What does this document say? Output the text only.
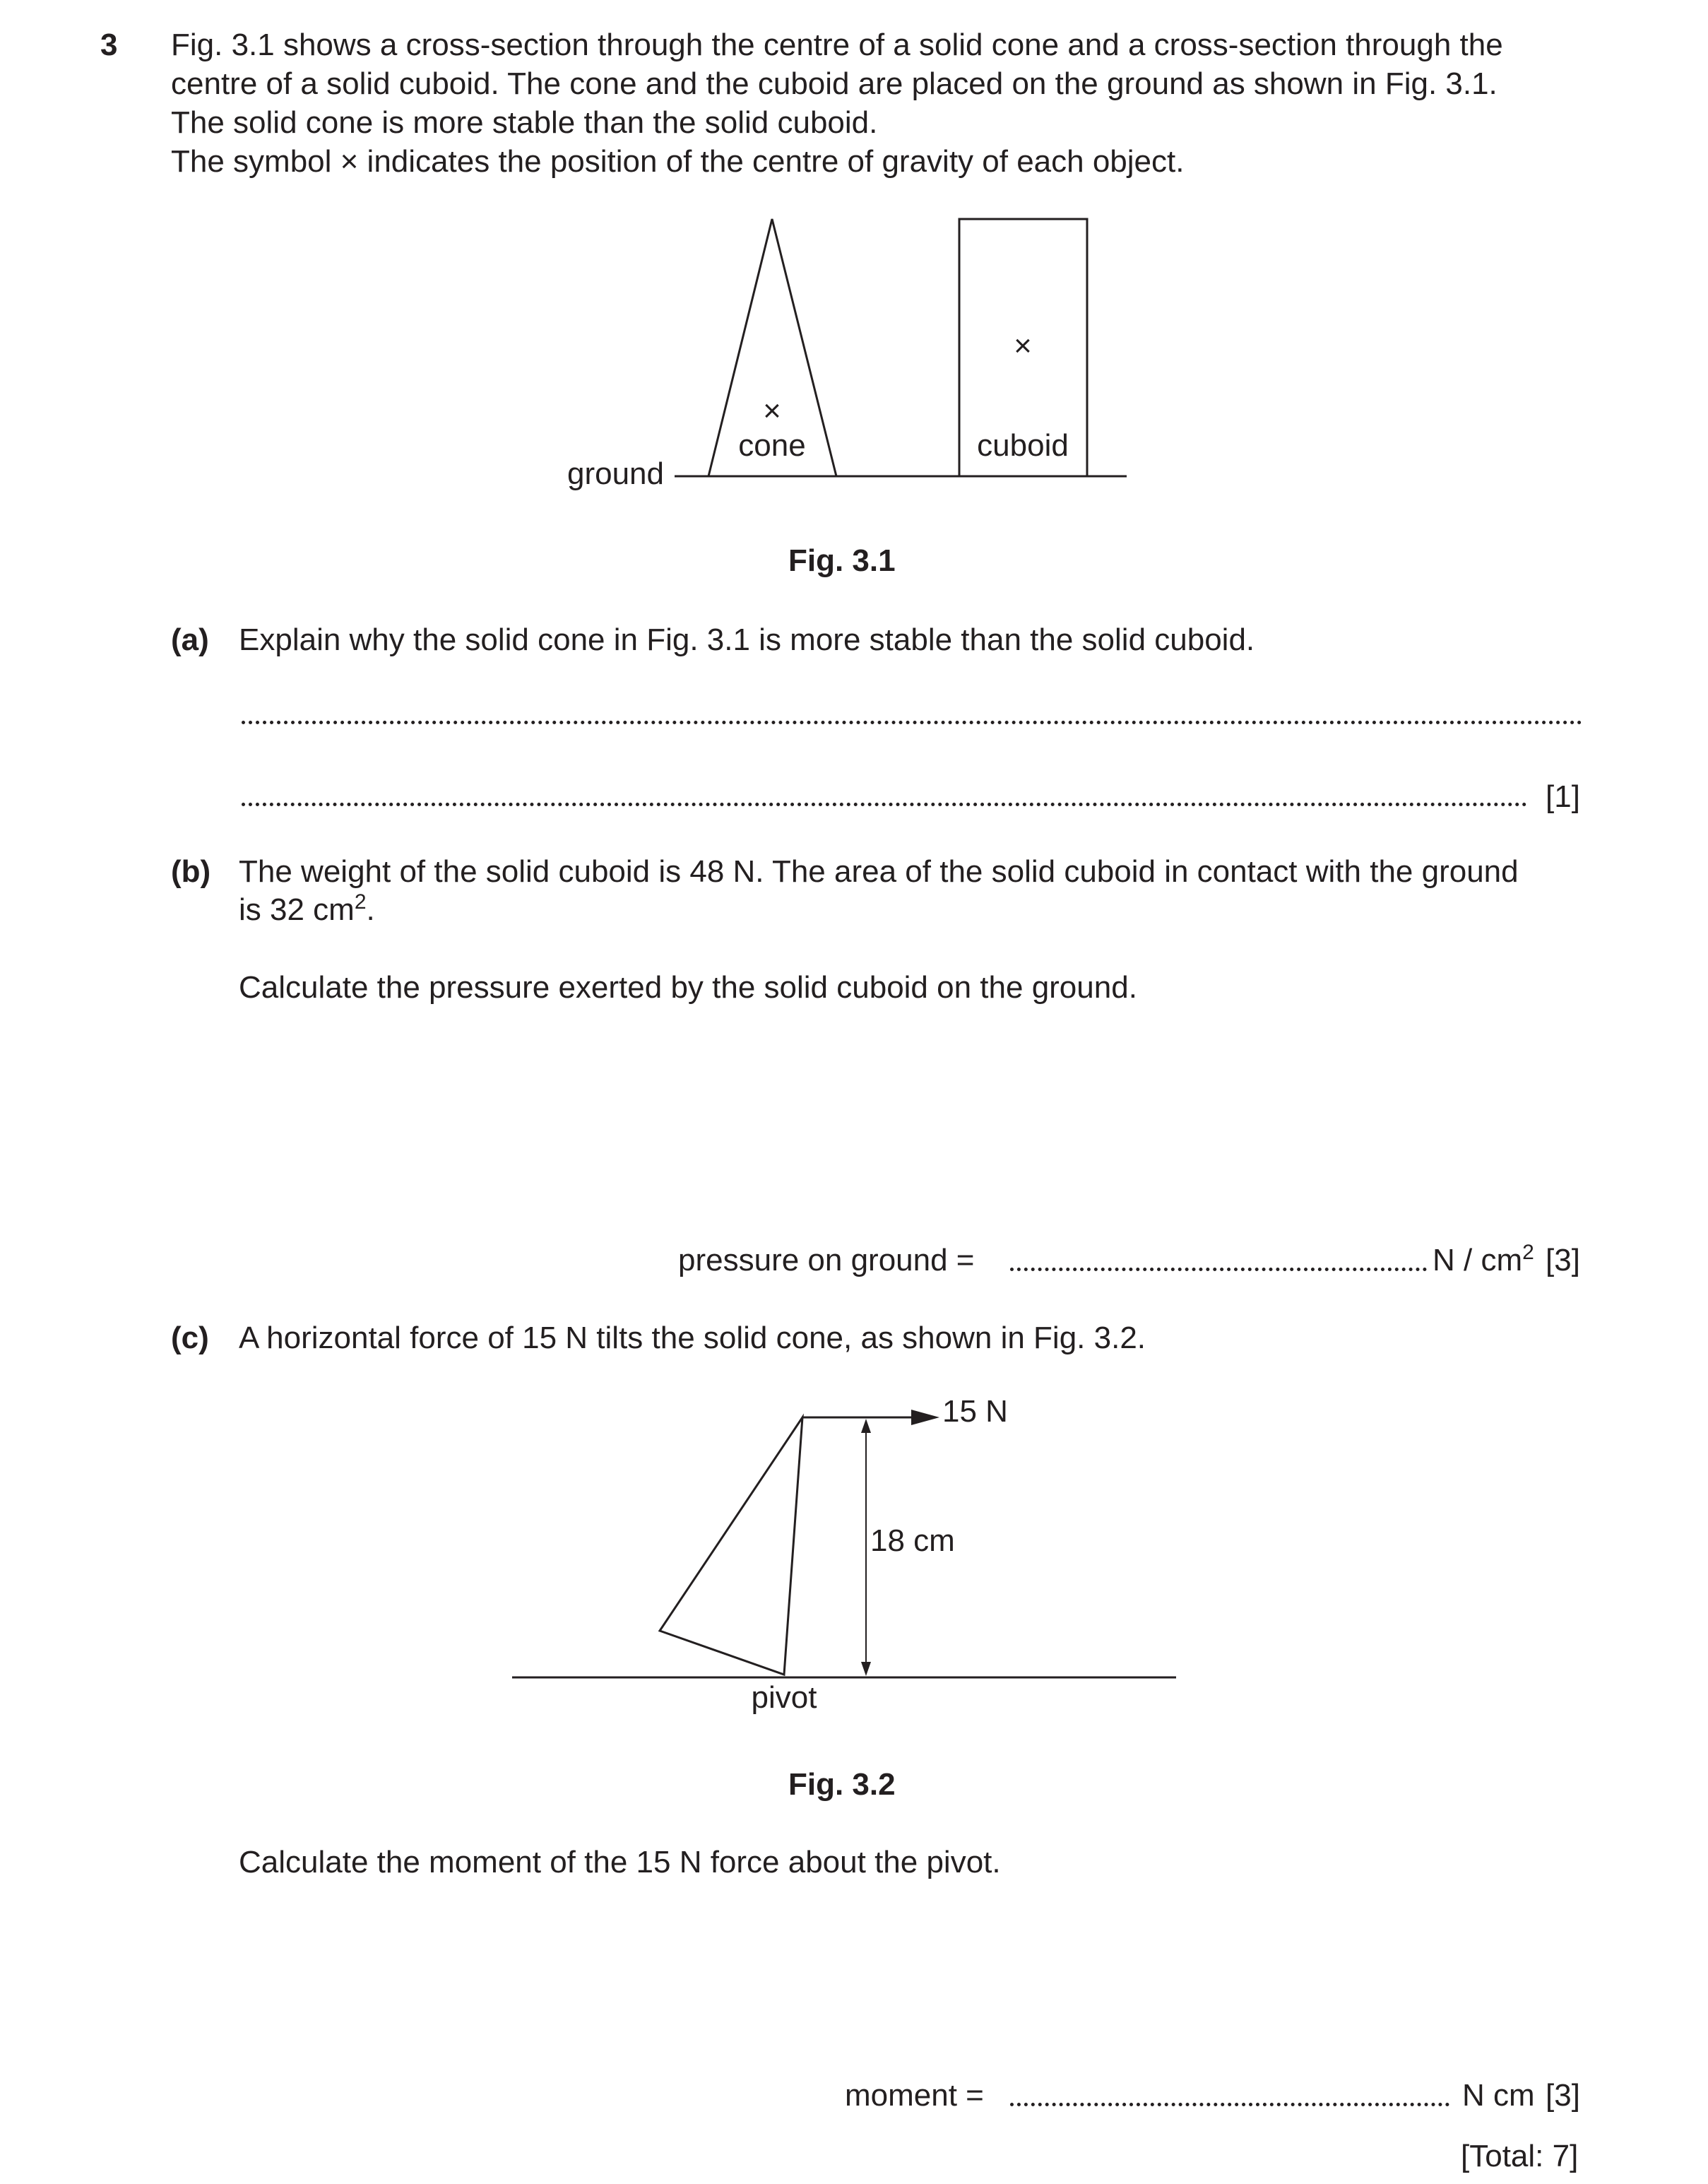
3 Fig. 3.1 shows a cross-section through the centre of a solid cone and a cross-section through the

centre of a solid cuboid. The cone and the cuboid are placed on the ground as shown in Fig. 3.1.

The solid cone is more stable than the solid cuboid.

The symbol × indicates the position of the centre of gravity of each object.

×
×
cone	cuboid
ground
Fig. 3.1
(a) Explain why the solid cone in Fig. 3.1 is more stable than the solid cuboid.
[1]
(b) The weight of the solid cuboid is 48 N. The area of the solid cuboid in contact with the ground
is 32 $cm^2$.
Calculate the pressure exerted by the solid cuboid on the ground.
pressure on ground =	N / $cm^2$ [3]
(c) A horizontal force of 15 N tilts the solid cone, as shown in Fig. 3.2.
15 N
18 cm
pivot
Fig. 3.2
Calculate the moment of the 15 N force about the pivot.
moment =	N cm [3]
[Total: 7]
